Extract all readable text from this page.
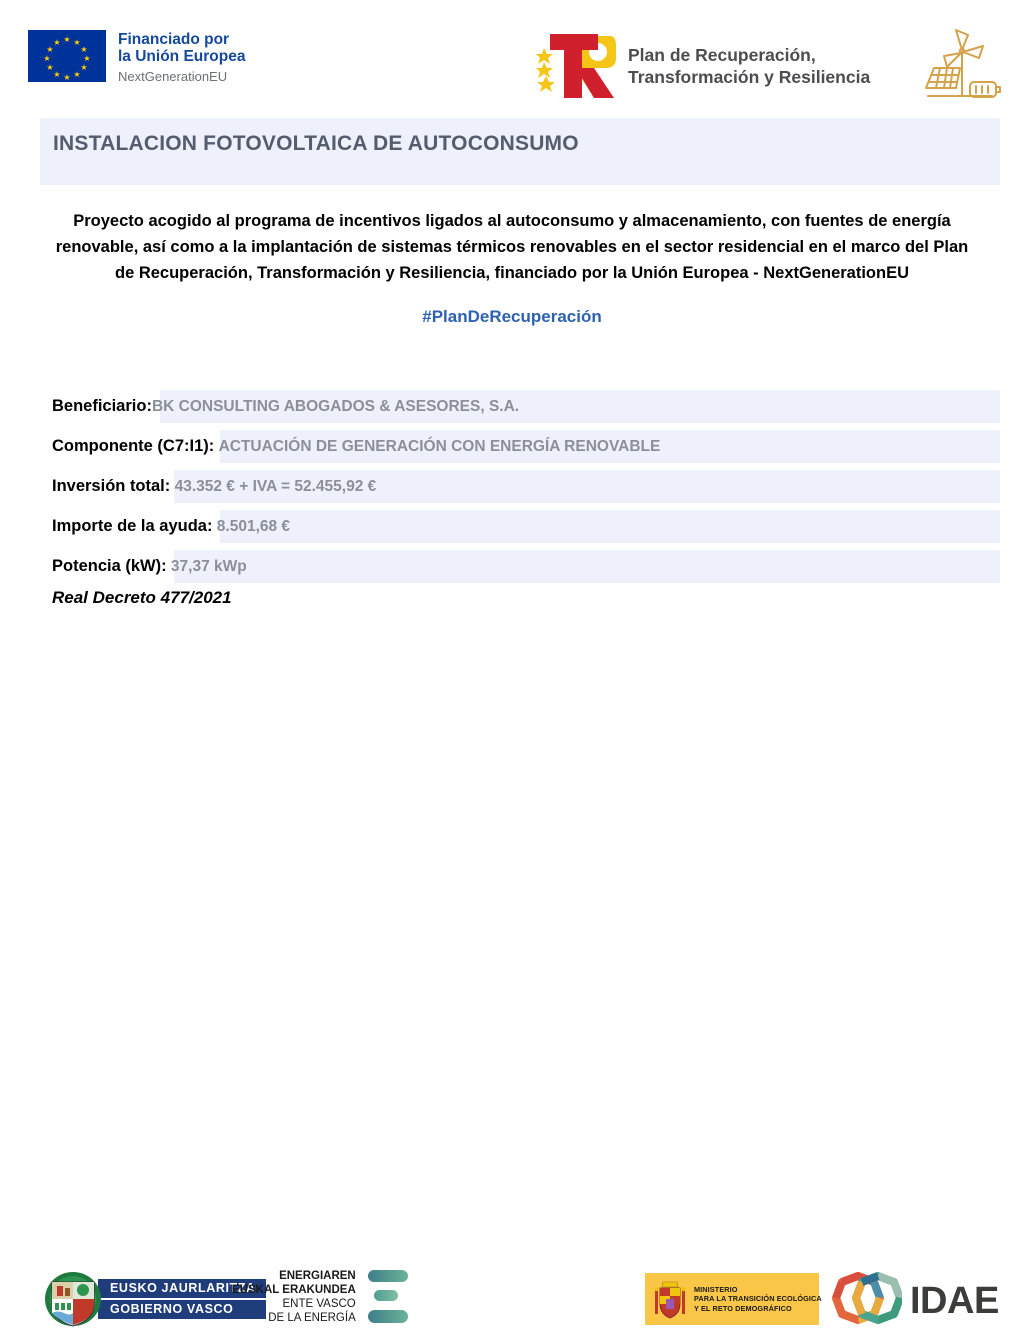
★ ★
★
★
★
★
★
★
★
★
★
★	Financiado por
la Unión Europea
NextGenerationEU
Plan de Recuperación,
Transformación y Resiliencia
INSTALACION FOTOVOLTAICA DE AUTOCONSUMO
Proyecto acogido al programa de incentivos ligados al autoconsumo y almacenamiento, con fuentes de energía renovable, así como a la implantación de sistemas térmicos renovables en el sector residencial en el marco del Plan de Recuperación, Transformación y Resiliencia, financiado por la Unión Europea - NextGenerationEU
#PlanDeRecuperación
Beneficiario:BK CONSULTING ABOGADOS & ASESORES, S.A.
Componente (C7:I1): ACTUACIÓN DE GENERACIÓN CON ENERGÍA RENOVABLE
Inversión total: 43.352 € + IVA = 52.455,92 €
Importe de la ayuda: 8.501,68 €
Potencia (kW): 37,37 kWp
Real Decreto 477/2021
EUSKO JAURLARITZA
GOBIERNO VASCO
ENERGIAREN
EUSKAL ERAKUNDEA
ENTE VASCO
DE LA ENERGÍA
MINISTERIO
PARA LA TRANSICIÓN ECOLÓGICA
Y EL RETO DEMOGRÁFICO	IDAE
